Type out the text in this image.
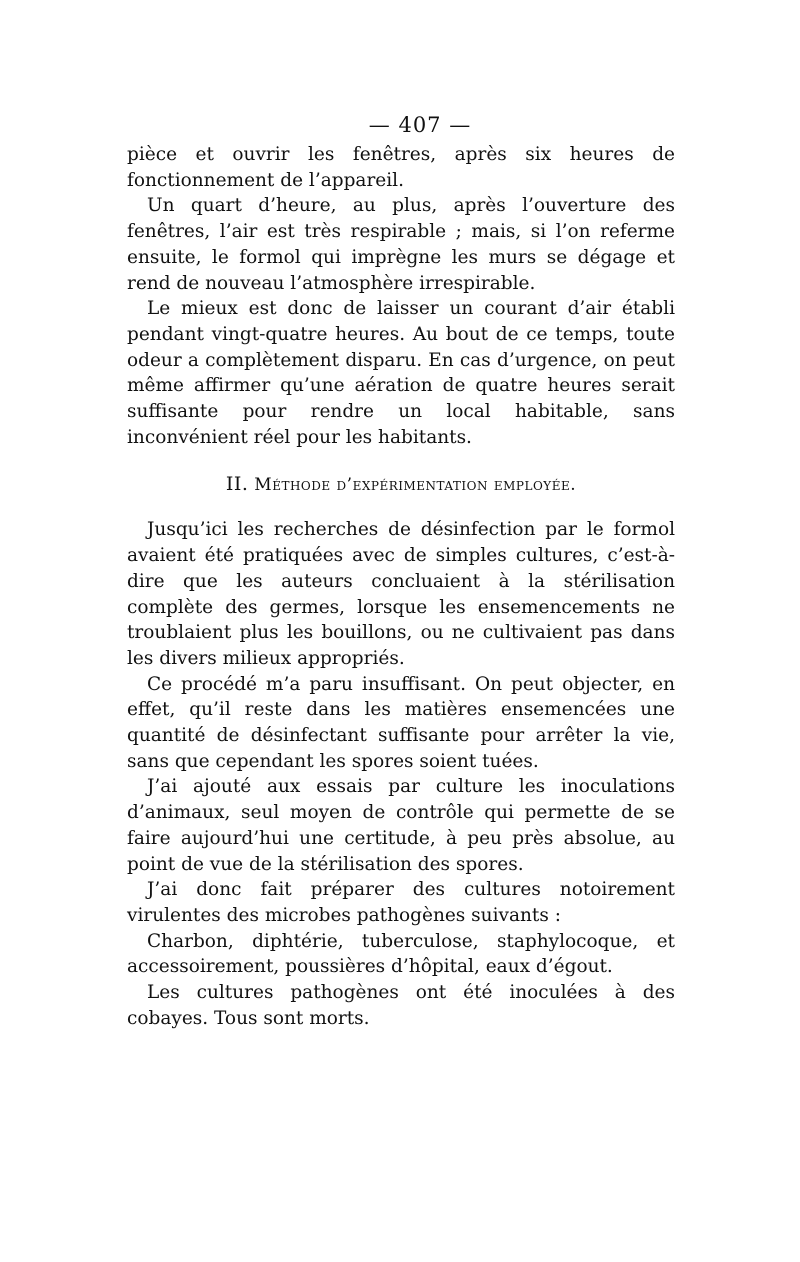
— 407 —

pièce et ouvrir les fenêtres, après six heures de fonctionnement de l’appareil.

Un quart d’heure, au plus, après l’ouverture des fenêtres, l’air est très respirable ; mais, si l’on referme ensuite, le formol qui imprègne les murs se dégage et rend de nouveau l’atmosphère irrespirable.

Le mieux est donc de laisser un courant d’air établi pendant vingt-quatre heures. Au bout de ce temps, toute odeur a complètement disparu. En cas d’urgence, on peut même affirmer qu’une aération de quatre heures serait suffisante pour rendre un local habitable, sans inconvénient réel pour les habitants.

II. Méthode d’expérimentation employée.

Jusqu’ici les recherches de désinfection par le formol avaient été pratiquées avec de simples cultures, c’est-à-dire que les auteurs concluaient à la stérilisation complète des germes, lorsque les ensemencements ne troublaient plus les bouillons, ou ne cultivaient pas dans les divers milieux appropriés.

Ce procédé m’a paru insuffisant. On peut objecter, en effet, qu’il reste dans les matières ensemencées une quantité de désinfectant suffisante pour arrêter la vie, sans que cependant les spores soient tuées.

J’ai ajouté aux essais par culture les inoculations d’animaux, seul moyen de contrôle qui permette de se faire aujourd’hui une certitude, à peu près absolue, au point de vue de la stérilisation des spores.

J’ai donc fait préparer des cultures notoirement virulentes des microbes pathogènes suivants :

Charbon, diphtérie, tuberculose, staphylocoque, et accessoirement, poussières d’hôpital, eaux d’égout.

Les cultures pathogènes ont été inoculées à des cobayes. Tous sont morts.
